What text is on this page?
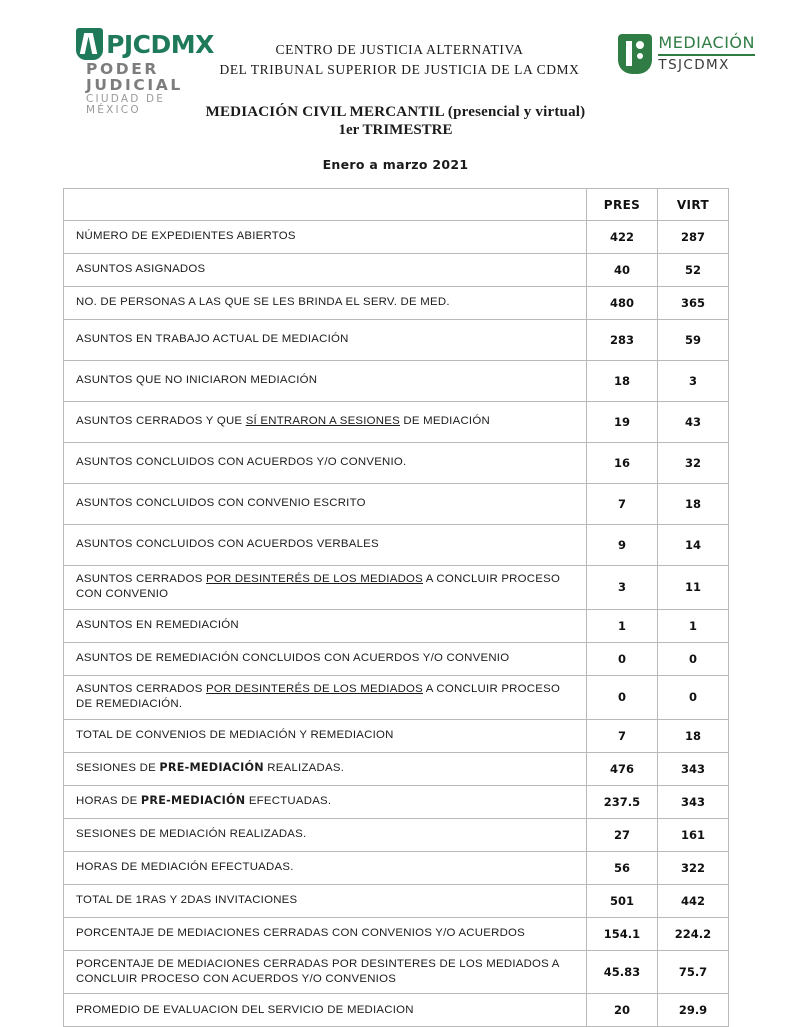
PJCDMX
PODER JUDICIAL
CIUDAD DE MÉXICO
CENTRO DE JUSTICIA ALTERNATIVA
DEL TRIBUNAL SUPERIOR DE JUSTICIA DE LA CDMX
MEDIACIÓN
TSJCDMX
MEDIACIÓN CIVIL MERCANTIL (presencial y virtual)
1er TRIMESTRE
Enero a marzo 2021
	PRES	VIRT
NÚMERO DE EXPEDIENTES ABIERTOS	422	287
ASUNTOS ASIGNADOS	40	52
NO. DE PERSONAS A LAS QUE SE LES BRINDA EL SERV. DE MED.	480	365
ASUNTOS EN TRABAJO ACTUAL DE MEDIACIÓN	283	59
ASUNTOS QUE NO INICIARON MEDIACIÓN	18	3
ASUNTOS CERRADOS Y QUE SÍ ENTRARON A SESIONES DE MEDIACIÓN	19	43
ASUNTOS CONCLUIDOS CON ACUERDOS Y/O CONVENIO.	16	32
ASUNTOS CONCLUIDOS CON CONVENIO ESCRITO	7	18
ASUNTOS CONCLUIDOS CON ACUERDOS VERBALES	9	14
ASUNTOS CERRADOS POR DESINTERÉS DE LOS MEDIADOS A CONCLUIR PROCESO CON CONVENIO	3	11
ASUNTOS EN REMEDIACIÓN	1	1
ASUNTOS DE REMEDIACIÓN CONCLUIDOS CON ACUERDOS Y/O CONVENIO	0	0
ASUNTOS CERRADOS POR DESINTERÉS DE LOS MEDIADOS A CONCLUIR PROCESO DE REMEDIACIÓN.	0	0
TOTAL DE CONVENIOS DE MEDIACIÓN Y REMEDIACION	7	18
SESIONES DE PRE-MEDIACIÓN REALIZADAS.	476	343
HORAS DE PRE-MEDIACIÓN EFECTUADAS.	237.5	343
SESIONES DE MEDIACIÓN REALIZADAS.	27	161
HORAS DE MEDIACIÓN EFECTUADAS.	56	322
TOTAL DE 1RAS Y 2DAS INVITACIONES	501	442
PORCENTAJE DE MEDIACIONES CERRADAS CON CONVENIOS Y/O ACUERDOS	154.1	224.2
PORCENTAJE DE MEDIACIONES CERRADAS POR DESINTERES DE LOS MEDIADOS A CONCLUIR PROCESO CON ACUERDOS Y/O CONVENIOS	45.83	75.7
PROMEDIO DE EVALUACION DEL SERVICIO DE MEDIACION	20	29.9
